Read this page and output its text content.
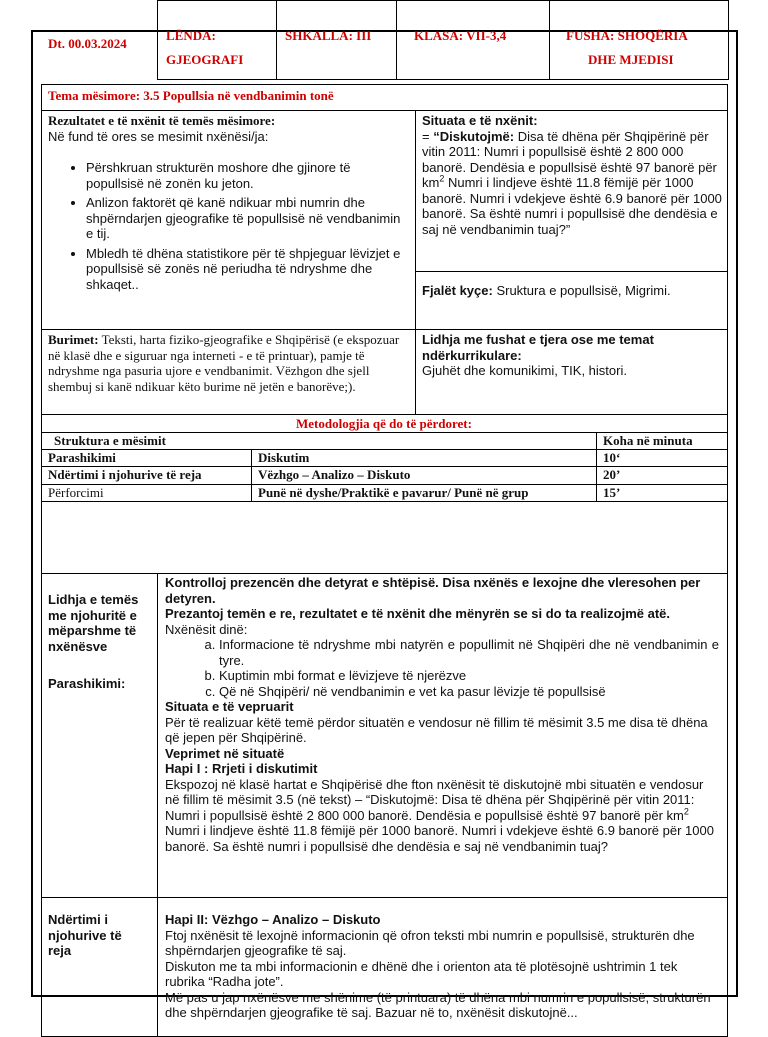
Dt. 00.03.2024
LËNDA:
GJEOGRAFI
SHKALLA: III	KLASA: VII-3,4	FUSHA: SHOQËRIA
DHE MJEDISI
Tema mësimore: 3.5 Popullsia në vendbanimin tonë
Rezultatet e të nxënit të temës mësimore:
Në fund të ores se mesimit nxënësi/ja:
• Përshkruan strukturën moshore dhe gjinore të popullsisë në zonën ku jeton.
• Anlizon faktorët që kanë ndikuar mbi numrin dhe shpërndarjen gjeografike të popullsisë në vendbanimin e tij.
• Mbledh të dhëna statistikore për të shpjeguar lëvizjet e popullsisë së zonës në periudha të ndryshme dhe shkaqet..
Situata e të nxënit:
= “Diskutojmë: Disa të dhëna për Shqipërinë për vitin 2011: Numri i popullsisë është 2 800 000 banorë. Dendësia e popullsisë është 97 banorë për $km^2$ Numri i lindjeve është 11.8 fëmijë për 1000 banorë. Numri i vdekjeve është 6.9 banorë për 1000 banorë. Sa është numri i popullsisë dhe dendësia e saj në vendbanimin tuaj?”
Fjalët kyçe: Sruktura e popullsisë, Migrimi.
Burimet: Teksti, harta fiziko-gjeografike e Shqipërisë (e ekspozuar në klasë dhe e siguruar nga interneti - e të printuar), pamje të ndryshme nga pasuria ujore e vendbanimit. Vëzhgon dhe sjell shembuj si kanë ndikuar këto burime në jetën e banorëve;).
Lidhja me fushat e tjera ose me temat ndërkurrikulare:
Gjuhët dhe komunikimi, TIK, histori.
Metodologjia që do të përdoret:
Struktura e mësimit	Koha në minuta
Parashikimi	Diskutim	10‘
Ndërtimi i njohurive të reja	Vëzhgo – Analizo – Diskuto	20’
Përforcimi	Punë në dyshe/Praktikë e pavarur/ Punë në grup	15’
Lidhja e temës me njohuritë e mëparshme të nxënësve
Parashikimi:
Kontrolloj prezencën dhe detyrat e shtëpisë. Disa nxënës e lexojne dhe vleresohen per detyren.
Prezantoj temën e re, rezultatet e të nxënit dhe mënyrën se si do ta realizojmë atë.
Nxënësit dinë:
a. Informacione të ndryshme mbi natyrën e popullimit në Shqipëri dhe në vendbanimin e tyre.
b. Kuptimin mbi format e lëvizjeve të njerëzve
c. Që në Shqipëri/ në vendbanimin e vet ka pasur lëvizje të popullsisë
Situata e të vepruarit
Për të realizuar këtë temë përdor situatën e vendosur në fillim të mësimit 3.5 me disa të dhëna që jepen për Shqipërinë.
Veprimet në situatë
Hapi I : Rrjeti i diskutimit
Ekspozoj në klasë hartat e Shqipërisë dhe fton nxënësit të diskutojnë mbi situatën e vendosur në fillim të mësimit 3.5 (në tekst) – “Diskutojmë: Disa të dhëna për Shqipërinë për vitin 2011: Numri i popullsisë është 2 800 000 banorë. Dendësia e popullsisë është 97 banorë për $km^2$ Numri i lindjeve është 11.8 fëmijë për 1000 banorë. Numri i vdekjeve është 6.9 banorë për 1000 banorë. Sa është numri i popullsisë dhe dendësia e saj në vendbanimin tuaj?
Ndërtimi i njohurive të reja
Hapi II: Vëzhgo – Analizo – Diskuto
Ftoj nxënësit të lexojnë informacionin që ofron teksti mbi numrin e popullsisë, strukturën dhe shpërndarjen gjeografike të saj.
Diskuton me ta mbi informacionin e dhënë dhe i orienton ata të plotësojnë ushtrimin 1 tek rubrika “Radha jote”.
Më pas u jap nxënësve me shënime (të printuara) të dhëna mbi numrin e popullsisë, strukturën dhe shpërndarjen gjeografike të saj. Bazuar në to, nxënësit diskutojnë...
